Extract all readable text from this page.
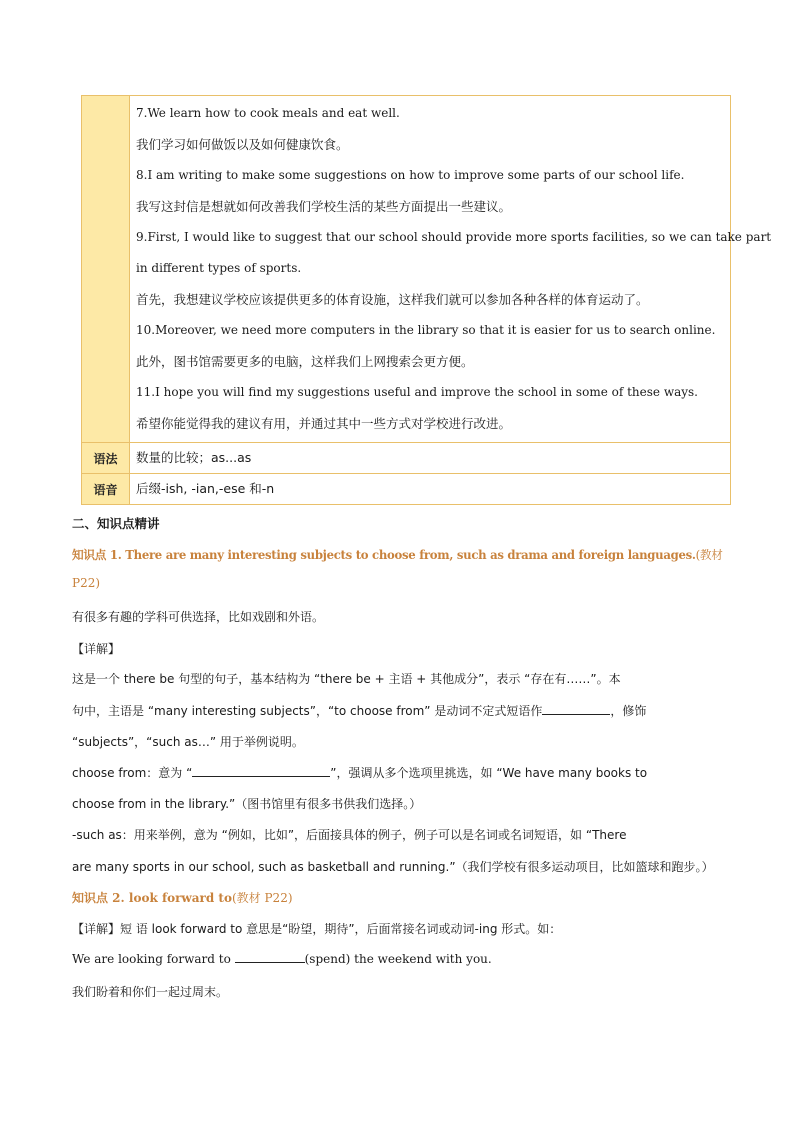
7.We learn how to cook meals and eat well.
我们学习如何做饭以及如何健康饮食。
8.I am writing to make some suggestions on how to improve some parts of our school life.
我写这封信是想就如何改善我们学校生活的某些方面提出一些建议。
9.First, I would like to suggest that our school should provide more sports facilities, so we can take part
in different types of sports.
首先，我想建议学校应该提供更多的体育设施，这样我们就可以参加各种各样的体育运动了。
10.Moreover, we need more computers in the library so that it is easier for us to search online.
此外，图书馆需要更多的电脑，这样我们上网搜索会更方便。
11.I hope you will find my suggestions useful and improve the school in some of these ways.
希望你能觉得我的建议有用，并通过其中一些方式对学校进行改进。
语法	数量的比较；as...as
语音	后缀-ish, -ian,-ese 和-n
二、知识点精讲
知识点 1. There are many interesting subjects to choose from, such as drama and foreign languages.(教材
P22)
有很多有趣的学科可供选择，比如戏剧和外语。
【详解】
这是一个 there be 句型的句子，基本结构为 “there be + 主语 + 其他成分”，表示 “存在有……”。本
句中，主语是 “many interesting subjects”，“to choose from” 是动词不定式短语作	，修饰
“subjects”，“such as…” 用于举例说明。
choose from：意为 “	”，强调从多个选项里挑选，如 “We have many books to
choose from in the library.”（图书馆里有很多书供我们选择。）
-such as：用来举例，意为 “例如，比如”，后面接具体的例子，例子可以是名词或名词短语，如 “There
are many sports in our school, such as basketball and running.”（我们学校有很多运动项目，比如篮球和跑步。）
知识点 2. look forward to(教材 P22)
【详解】短 语 look forward to 意思是“盼望，期待”，后面常接名词或动词-ing 形式。如：
We are looking forward to	(spend) the weekend with you.
我们盼着和你们一起过周末。
